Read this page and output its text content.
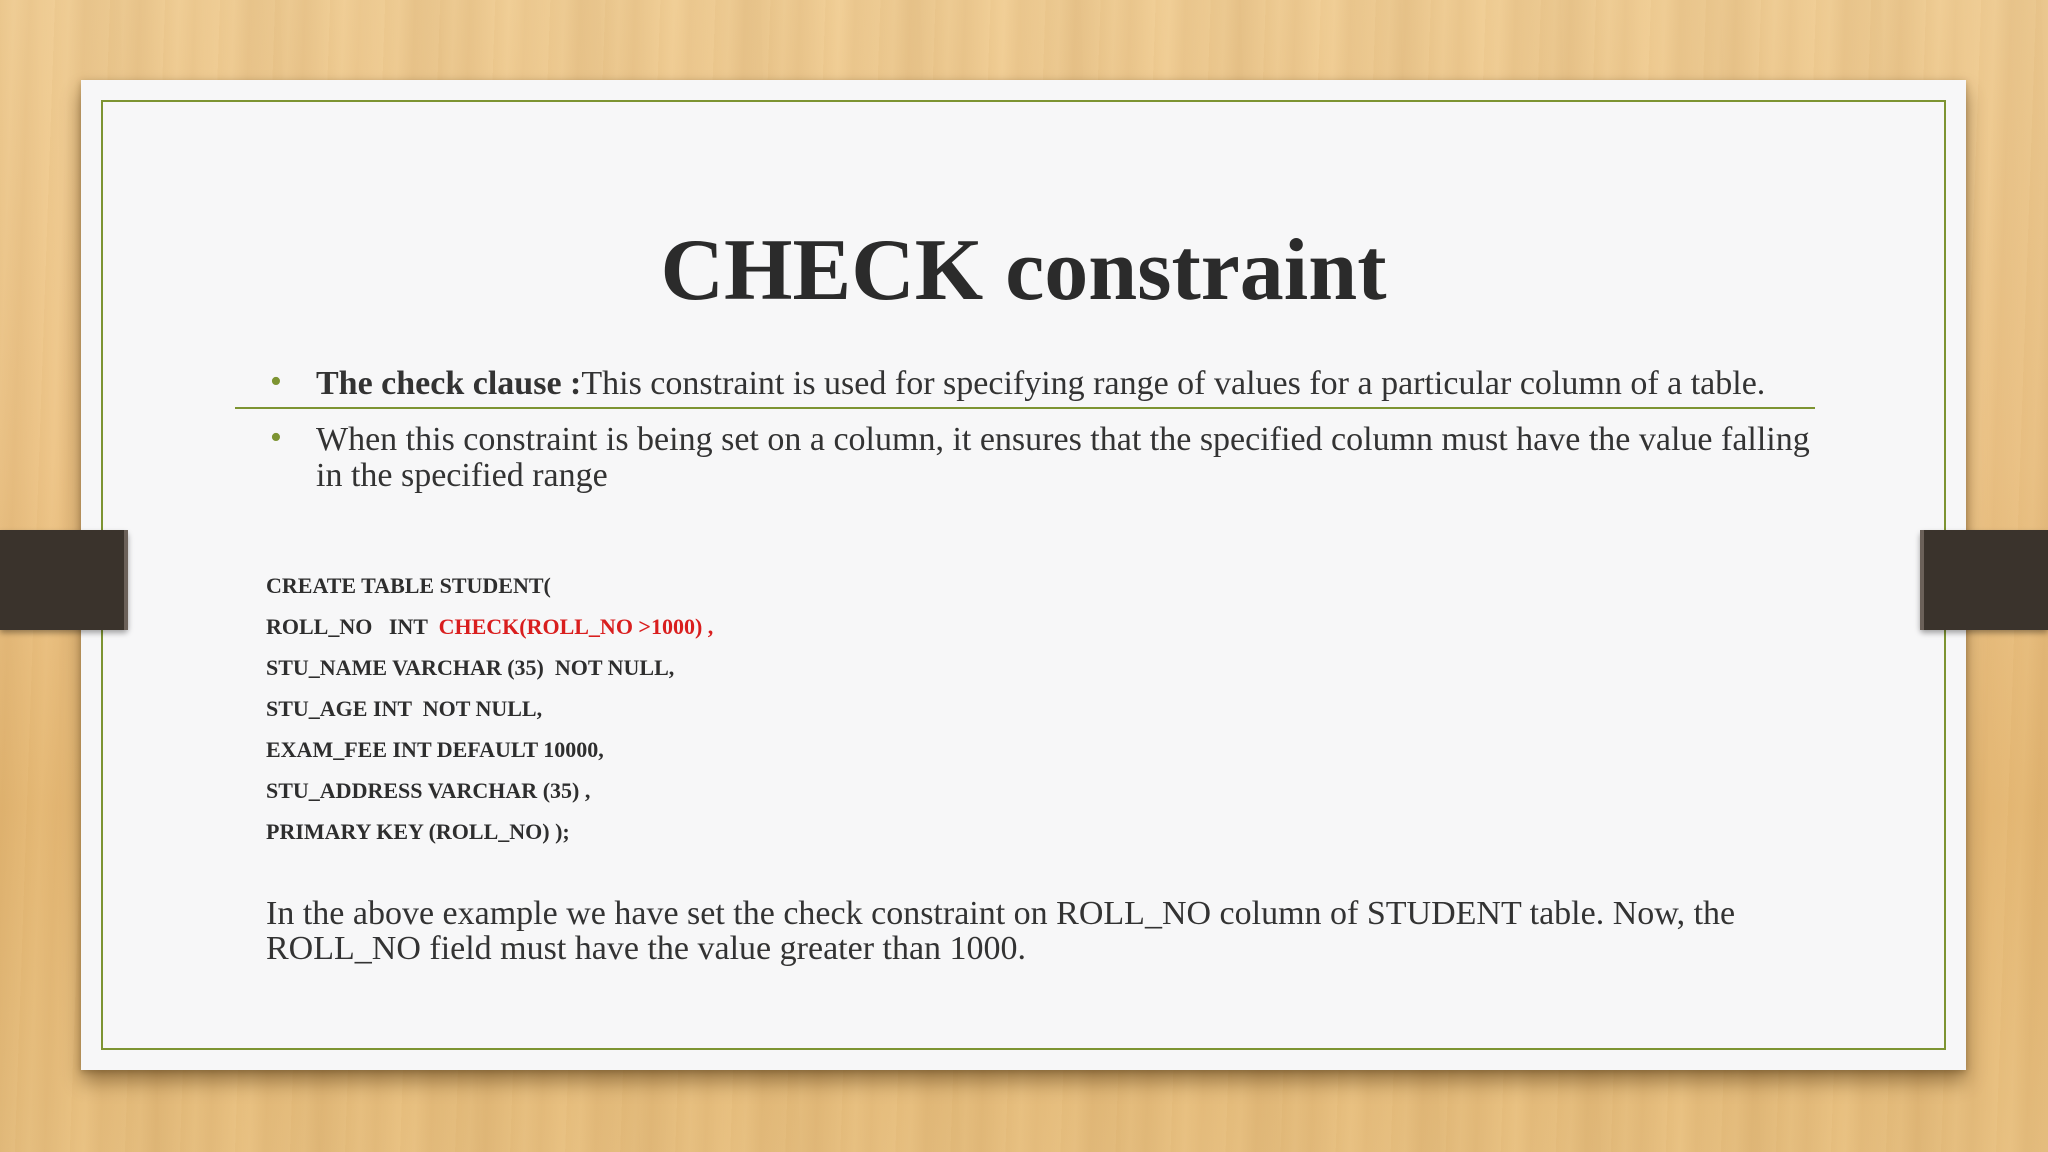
CHECK constraint
• The check clause :This constraint is used for specifying range of values for a particular column of a table.
• When this constraint is being set on a column, it ensures that the specified column must have the value falling in the specified range
CREATE TABLE STUDENT(
ROLL_NO   INT  CHECK(ROLL_NO >1000) ,
STU_NAME VARCHAR (35)  NOT NULL,
STU_AGE INT  NOT NULL,
EXAM_FEE INT DEFAULT 10000,
STU_ADDRESS VARCHAR (35) ,
PRIMARY KEY (ROLL_NO) );
In the above example we have set the check constraint on ROLL_NO column of STUDENT table. Now, the ROLL_NO field must have the value greater than 1000.
